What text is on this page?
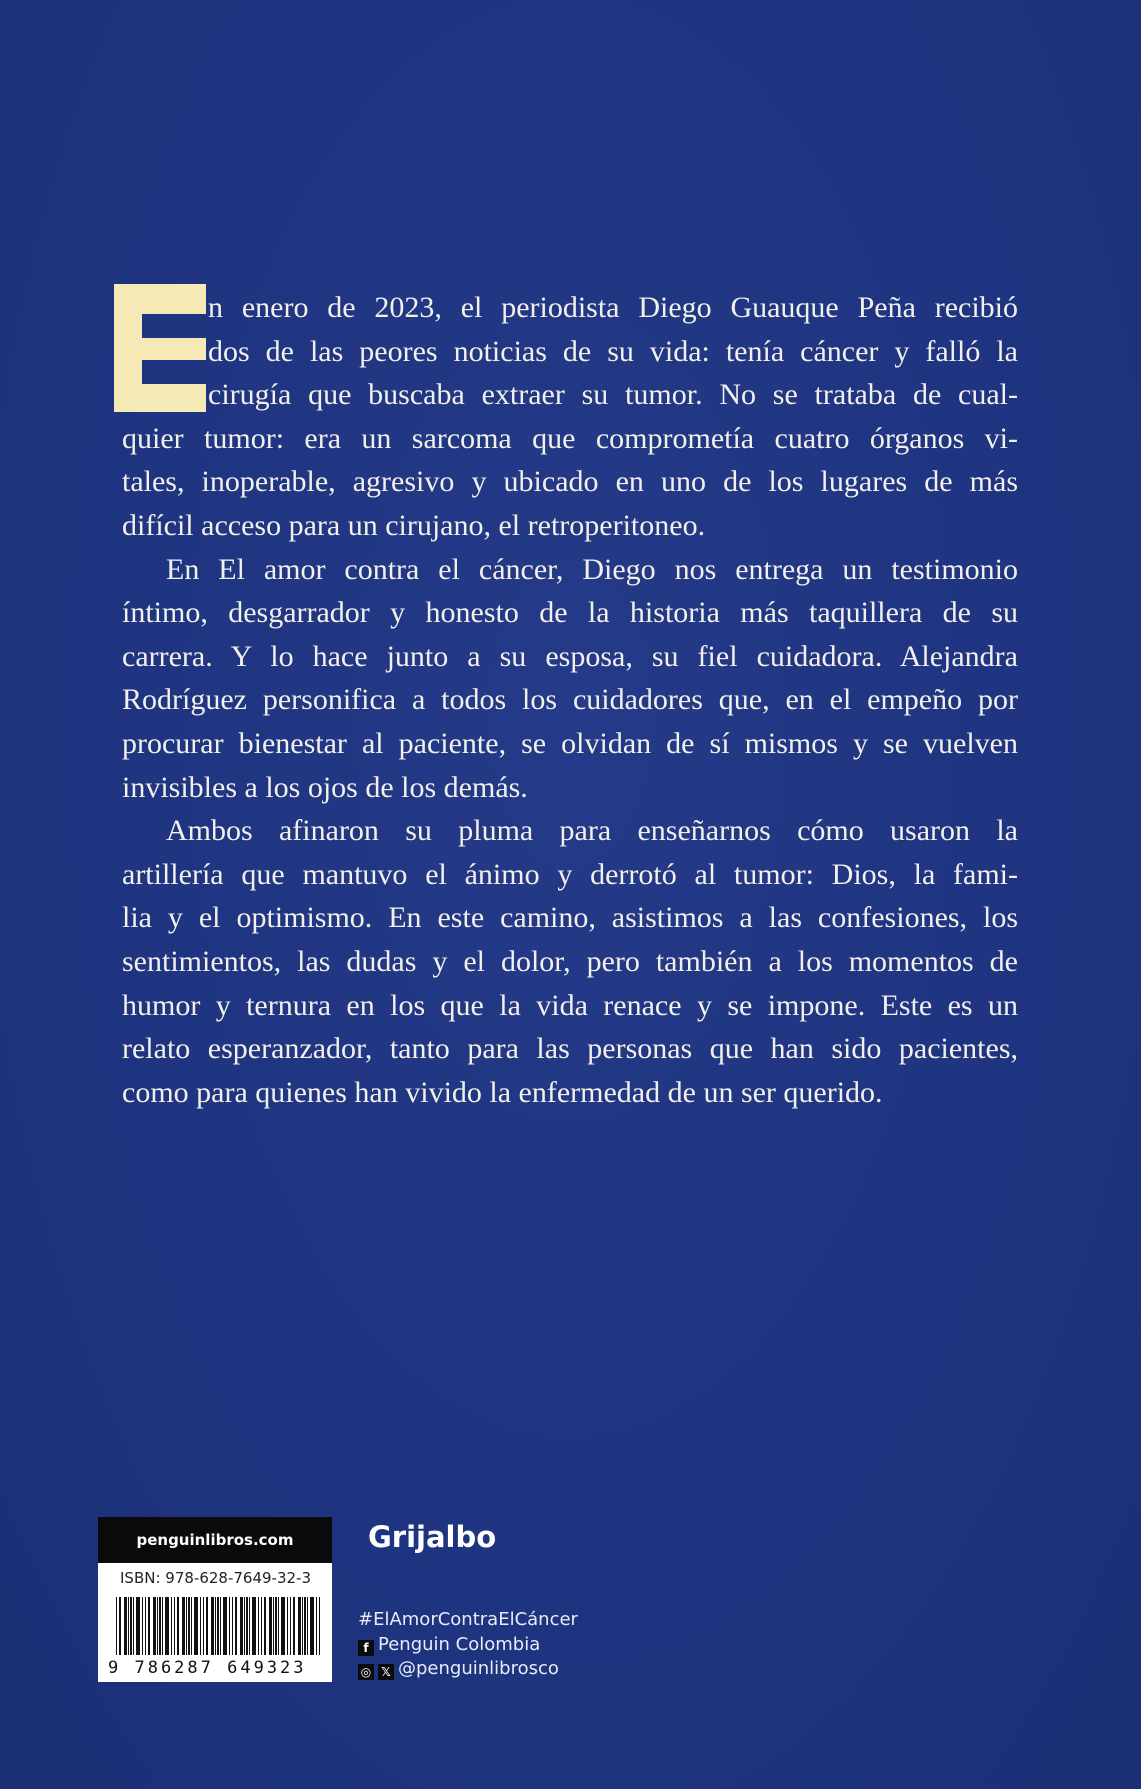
n enero de 2023, el periodista Diego Guauque Peña recibió
dos de las peores noticias de su vida: tenía cáncer y falló la
cirugía que buscaba extraer su tumor. No se trataba de cual-
quier tumor: era un sarcoma que comprometía cuatro órganos vi-
tales, inoperable, agresivo y ubicado en uno de los lugares de más
difícil acceso para un cirujano, el retroperitoneo.
En El amor contra el cáncer, Diego nos entrega un testimonio
íntimo, desgarrador y honesto de la historia más taquillera de su
carrera. Y lo hace junto a su esposa, su fiel cuidadora. Alejandra
Rodríguez personifica a todos los cuidadores que, en el empeño por
procurar bienestar al paciente, se olvidan de sí mismos y se vuelven
invisibles a los ojos de los demás.
Ambos afinaron su pluma para enseñarnos cómo usaron la
artillería que mantuvo el ánimo y derrotó al tumor: Dios, la fami-
lia y el optimismo. En este camino, asistimos a las confesiones, los
sentimientos, las dudas y el dolor, pero también a los momentos de
humor y ternura en los que la vida renace y se impone. Este es un
relato esperanzador, tanto para las personas que han sido pacientes,
como para quienes han vivido la enfermedad de un ser querido.
penguinlibros.com
ISBN: 978-628-7649-32-3
9 786287 649323
Grijalbo
#ElAmorContraElCáncer
f Penguin Colombia
◎ 𝕏 @penguinlibrosco
